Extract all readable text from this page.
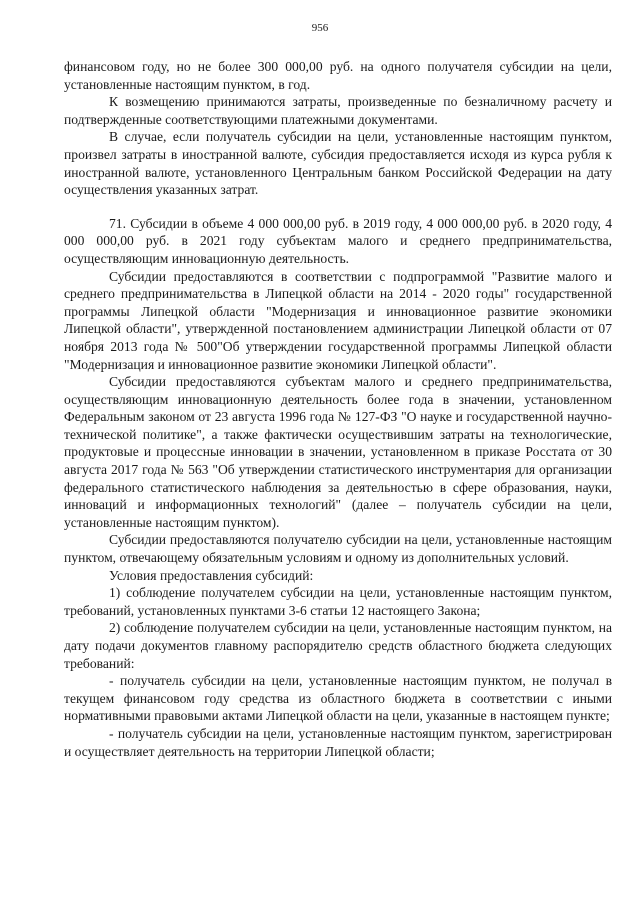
956

финансовом году, но не более 300 000,00 руб. на одного получателя субсидии на цели, установленные настоящим пунктом, в год.

К возмещению принимаются затраты, произведенные по безналичному расчету и подтвержденные соответствующими платежными документами.

В случае, если получатель субсидии на цели, установленные настоящим пунктом, произвел затраты в иностранной валюте, субсидия предоставляется исходя из курса рубля к иностранной валюте, установленного Центральным банком Российской Федерации на дату осуществления указанных затрат.

71. Субсидии в объеме 4 000 000,00 руб. в 2019 году, 4 000 000,00 руб. в 2020 году, 4 000 000,00 руб. в 2021 году субъектам малого и среднего предпринимательства, осуществляющим инновационную деятельность.

Субсидии предоставляются в соответствии с подпрограммой "Развитие малого и среднего предпринимательства в Липецкой области на 2014 - 2020 годы" государственной программы Липецкой области "Модернизация и инновационное развитие экономики Липецкой области", утвержденной постановлением администрации Липецкой области от 07 ноября 2013 года № 500"Об утверждении государственной программы Липецкой области "Модернизация и инновационное развитие экономики Липецкой области".

Субсидии предоставляются субъектам малого и среднего предпринимательства, осуществляющим инновационную деятельность более года в значении, установленном Федеральным законом от 23 августа 1996 года № 127-ФЗ "О науке и государственной научно-технической политике", а также фактически осуществившим затраты на технологические, продуктовые и процессные инновации в значении, установленном в приказе Росстата от 30 августа 2017 года № 563 "Об утверждении статистического инструментария для организации федерального статистического наблюдения за деятельностью в сфере образования, науки, инноваций и информационных технологий" (далее – получатель субсидии на цели, установленные настоящим пунктом).

Субсидии предоставляются получателю субсидии на цели, установленные настоящим пунктом, отвечающему обязательным условиям и одному из дополнительных условий.

Условия предоставления субсидий:

1) соблюдение получателем субсидии на цели, установленные настоящим пунктом, требований, установленных пунктами 3-6 статьи 12 настоящего Закона;

2) соблюдение получателем субсидии на цели, установленные настоящим пунктом, на дату подачи документов главному распорядителю средств областного бюджета следующих требований:

- получатель субсидии на цели, установленные настоящим пунктом, не получал в текущем финансовом году средства из областного бюджета в соответствии с иными нормативными правовыми актами Липецкой области на цели, указанные в настоящем пункте;

- получатель субсидии на цели, установленные настоящим пунктом, зарегистрирован и осуществляет деятельность на территории Липецкой области;
